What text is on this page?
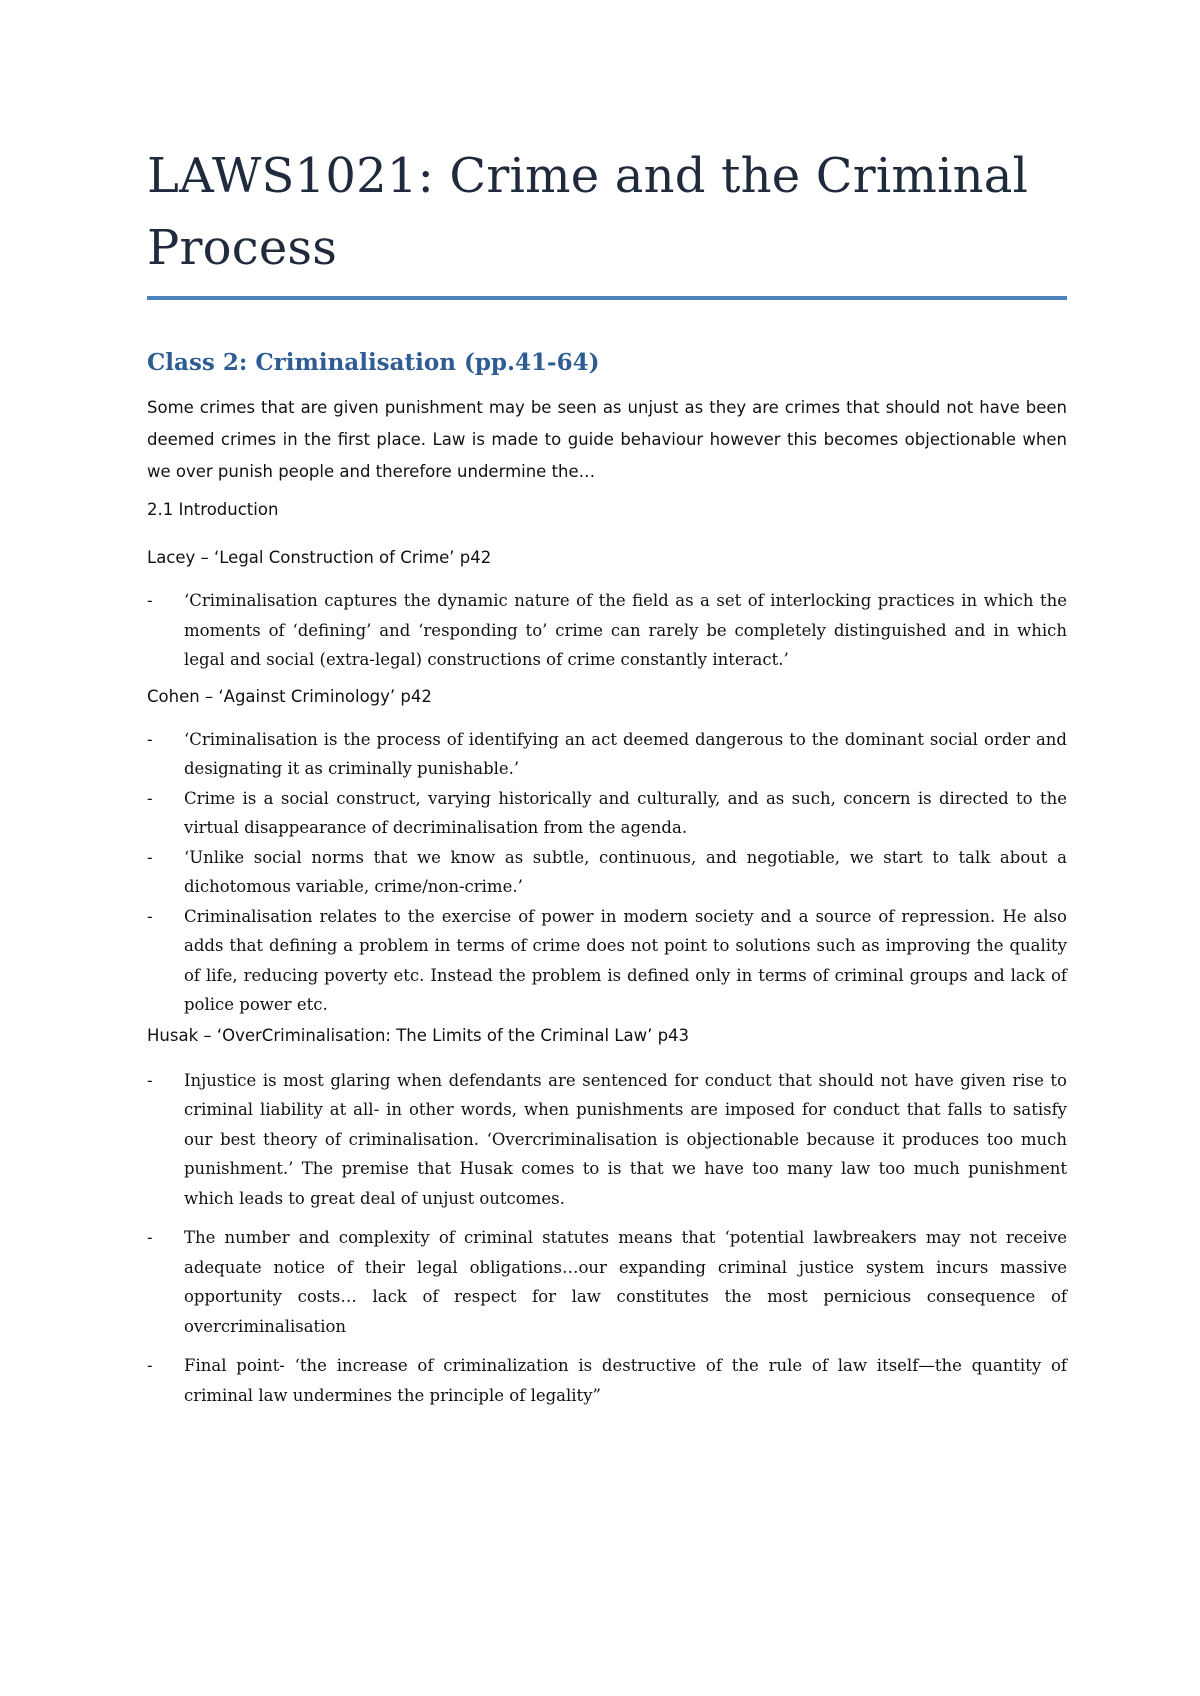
LAWS1021: Crime and the Criminal Process
Class 2: Criminalisation (pp.41-64)

Some crimes that are given punishment may be seen as unjust as they are crimes that should not have been deemed crimes in the first place. Law is made to guide behaviour however this becomes objectionable when we over punish people and therefore undermine the…

2.1 Introduction
Lacey – ‘Legal Construction of Crime’ p42
- ‘Criminalisation captures the dynamic nature of the field as a set of interlocking practices in which the moments of ‘defining’ and ‘responding to’ crime can rarely be completely distinguished and in which legal and social (extra-legal) constructions of crime constantly interact.’
Cohen – ‘Against Criminology’ p42
- ‘Criminalisation is the process of identifying an act deemed dangerous to the dominant social order and designating it as criminally punishable.’
- Crime is a social construct, varying historically and culturally, and as such, concern is directed to the virtual disappearance of decriminalisation from the agenda.
- ‘Unlike social norms that we know as subtle, continuous, and negotiable, we start to talk about a dichotomous variable, crime/non-crime.’
- Criminalisation relates to the exercise of power in modern society and a source of repression. He also adds that defining a problem in terms of crime does not point to solutions such as improving the quality of life, reducing poverty etc. Instead the problem is defined only in terms of criminal groups and lack of police power etc.
Husak – ‘OverCriminalisation: The Limits of the Criminal Law’ p43
- Injustice is most glaring when defendants are sentenced for conduct that should not have given rise to criminal liability at all- in other words, when punishments are imposed for conduct that falls to satisfy our best theory of criminalisation. ‘Overcriminalisation is objectionable because it produces too much punishment.’ The premise that Husak comes to is that we have too many law too much punishment which leads to great deal of unjust outcomes.
- The number and complexity of criminal statutes means that ‘potential lawbreakers may not receive adequate notice of their legal obligations…our expanding criminal justice system incurs massive opportunity costs… lack of respect for law constitutes the most pernicious consequence of overcriminalisation
- Final point- ‘the increase of criminalization is destructive of the rule of law itself—the quantity of criminal law undermines the principle of legality”
